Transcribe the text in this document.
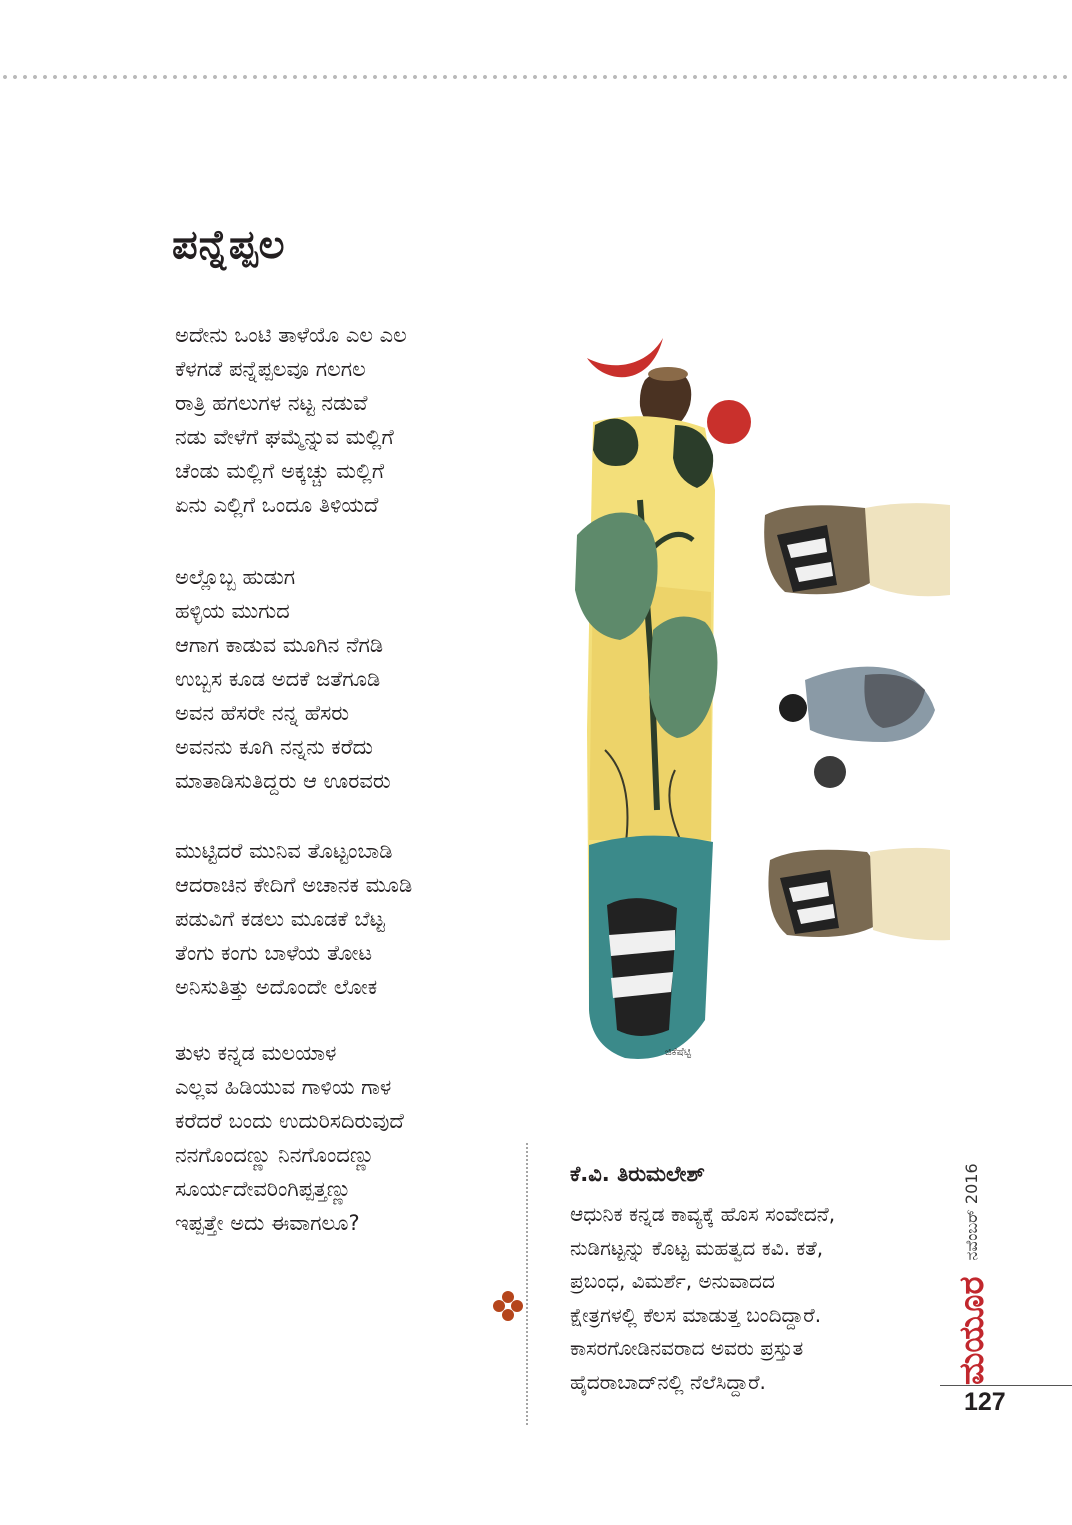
ಪನ್ನೆಪ್ಪಲ
ಅದೇನು ಒಂಟಿ ತಾಳೆಯೊ ಎಲ ಎಲ
ಕೆಳಗಡೆ ಪನ್ನೆಪ್ಪಲವೂ ಗಲಗಲ
ರಾತ್ರಿ ಹಗಲುಗಳ ನಟ್ಟ ನಡುವೆ
ನಡು ವೇಳೆಗೆ ಘಮ್ಮೆನ್ನುವ ಮಲ್ಲಿಗೆ
ಚೆಂಡು ಮಲ್ಲಿಗೆ ಅಕ್ಕಚ್ಚು ಮಲ್ಲಿಗೆ
ಏನು ಎಲ್ಲಿಗೆ ಒಂದೂ ತಿಳಿಯದೆ
ಅಲ್ಲೊಬ್ಬ ಹುಡುಗ
ಹಳ್ಳಿಯ ಮುಗುದ
ಆಗಾಗ ಕಾಡುವ ಮೂಗಿನ ನೆಗಡಿ
ಉಬ್ಬಸ ಕೂಡ ಅದಕೆ ಜತೆಗೂಡಿ
ಅವನ ಹೆಸರೇ ನನ್ನ ಹೆಸರು
ಅವನನು ಕೂಗಿ ನನ್ನನು ಕರೆದು
ಮಾತಾಡಿಸುತಿದ್ದರು ಆ ಊರವರು
ಮುಟ್ಟಿದರೆ ಮುನಿವ ತೊಟ್ಟಂಬಾಡಿ
ಆದರಾಚಿನ ಕೇದಿಗೆ ಅಚಾನಕ ಮೂಡಿ
ಪಡುವಿಗೆ ಕಡಲು ಮೂಡಕೆ ಬೆಟ್ಟ
ತೆಂಗು ಕಂಗು ಬಾಳೆಯ ತೋಟ
ಅನಿಸುತಿತ್ತು ಅದೊಂದೇ ಲೋಕ
ತುಳು ಕನ್ನಡ ಮಲಯಾಳ
ಎಲ್ಲವ ಹಿಡಿಯುವ ಗಾಳಿಯ ಗಾಳ
ಕರೆದರೆ ಬಂದು ಉದುರಿಸದಿರುವುದೆ
ನನಗೊಂದಣ್ಣು ನಿನಗೊಂದಣ್ಣು
ಸೂರ್ಯದೇವರಿಂಗಿಪ್ಪತ್ತಣ್ಣು
ಇಪ್ಪತ್ತೇ ಅದು ಈವಾಗಲೂ?
ಜಿಕೆಷೆಟ್ಟಿ
ಕೆ.ವಿ. ತಿರುಮಲೇಶ್
ಆಧುನಿಕ ಕನ್ನಡ ಕಾವ್ಯಕ್ಕೆ ಹೊಸ ಸಂವೇದನೆ,
ನುಡಿಗಟ್ಟನ್ನು ಕೊಟ್ಟ ಮಹತ್ವದ ಕವಿ. ಕತೆ,
ಪ್ರಬಂಧ, ವಿಮರ್ಶೆ, ಅನುವಾದದ
ಕ್ಷೇತ್ರಗಳಲ್ಲಿ ಕೆಲಸ ಮಾಡುತ್ತ ಬಂದಿದ್ದಾರೆ.
ಕಾಸರಗೋಡಿನವರಾದ ಅವರು ಪ್ರಸ್ತುತ
ಹೈದರಾಬಾದ್‌ನಲ್ಲಿ ನೆಲೆಸಿದ್ದಾರೆ.	ಮಯೂರ
ನವೆಂಬರ್ 2016
127
